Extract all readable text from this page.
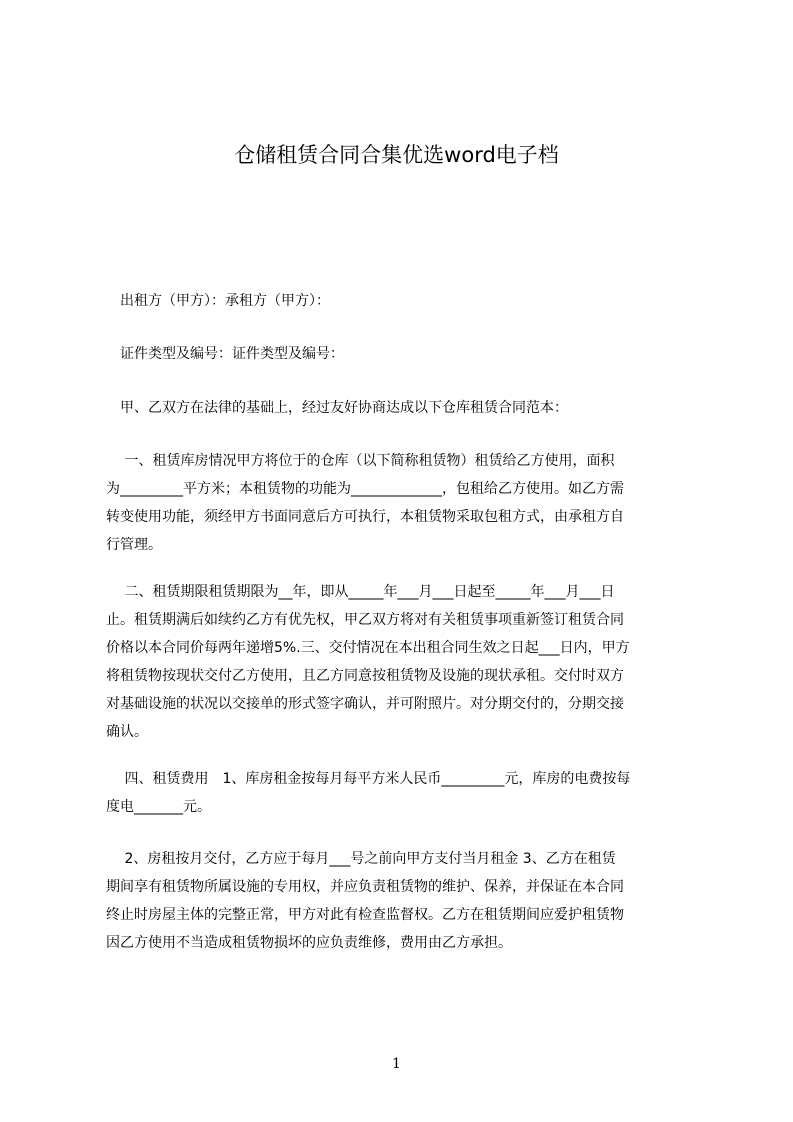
仓储租赁合同合集优选word电子档
　出租方（甲方）：承租方（甲方）：
　证件类型及编号：证件类型及编号：
　甲、乙双方在法律的基础上，经过友好协商达成以下仓库租赁合同范本：
　 一、租赁库房情况甲方将位于的仓库（以下简称租赁物）租赁给乙方使用，面积
为_________平方米；本租赁物的功能为_____________，包租给乙方使用。如乙方需
转变使用功能，须经甲方书面同意后方可执行，本租赁物采取包租方式，由承租方自
行管理。
　 二、租赁期限租赁期限为__年，即从_____年___月___日起至_____年___月___日
止。租赁期满后如续约乙方有优先权，甲乙双方将对有关租赁事项重新签订租赁合同
价格以本合同价每两年递增5%.三、交付情况在本出租合同生效之日起___日内，甲方
将租赁物按现状交付乙方使用，且乙方同意按租赁物及设施的现状承租。交付时双方
对基础设施的状况以交接单的形式签字确认，并可附照片。对分期交付的，分期交接
确认。
　 四、租赁费用　1、库房租金按每月每平方米人民币_________元，库房的电费按每
度电_______元。
　 2、房租按月交付，乙方应于每月___号之前向甲方支付当月租金 3、乙方在租赁
期间享有租赁物所属设施的专用权，并应负责租赁物的维护、保养，并保证在本合同
终止时房屋主体的完整正常，甲方对此有检查监督权。乙方在租赁期间应爱护租赁物
因乙方使用不当造成租赁物损坏的应负责维修，费用由乙方承担。
1
